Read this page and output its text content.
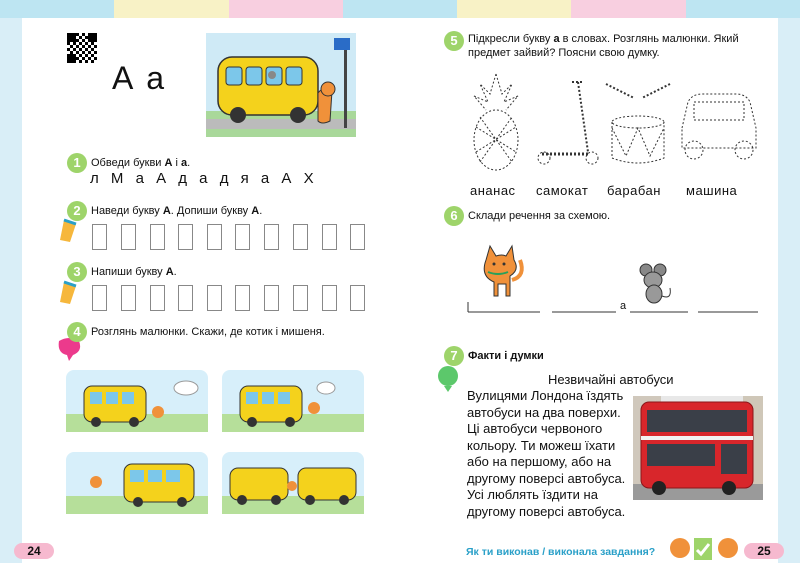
А а
1 Обведи букви А і а.
л М а А д а д я а А Х
2 Наведи букву А. Допиши букву А.
3 Напиши букву А.
4 Розглянь малюнки. Скажи, де котик і мишеня.
5 Підкресли букву а в словах. Розглянь малюнки. Який предмет зайвий? Поясни свою думку.
ананас самокат барабан машина
6 Склади речення за схемою.
а
7 Факти і думки
Незвичайні автобуси
Вулицями Лондона їздять автобуси на два поверхи. Ці автобуси червоного кольору. Ти можеш їхати або на першому, або на другому поверсі автобуса. Усі люблять їздити на другому поверсі автобуса.
24	25
Як ти виконав / виконала завдання?
